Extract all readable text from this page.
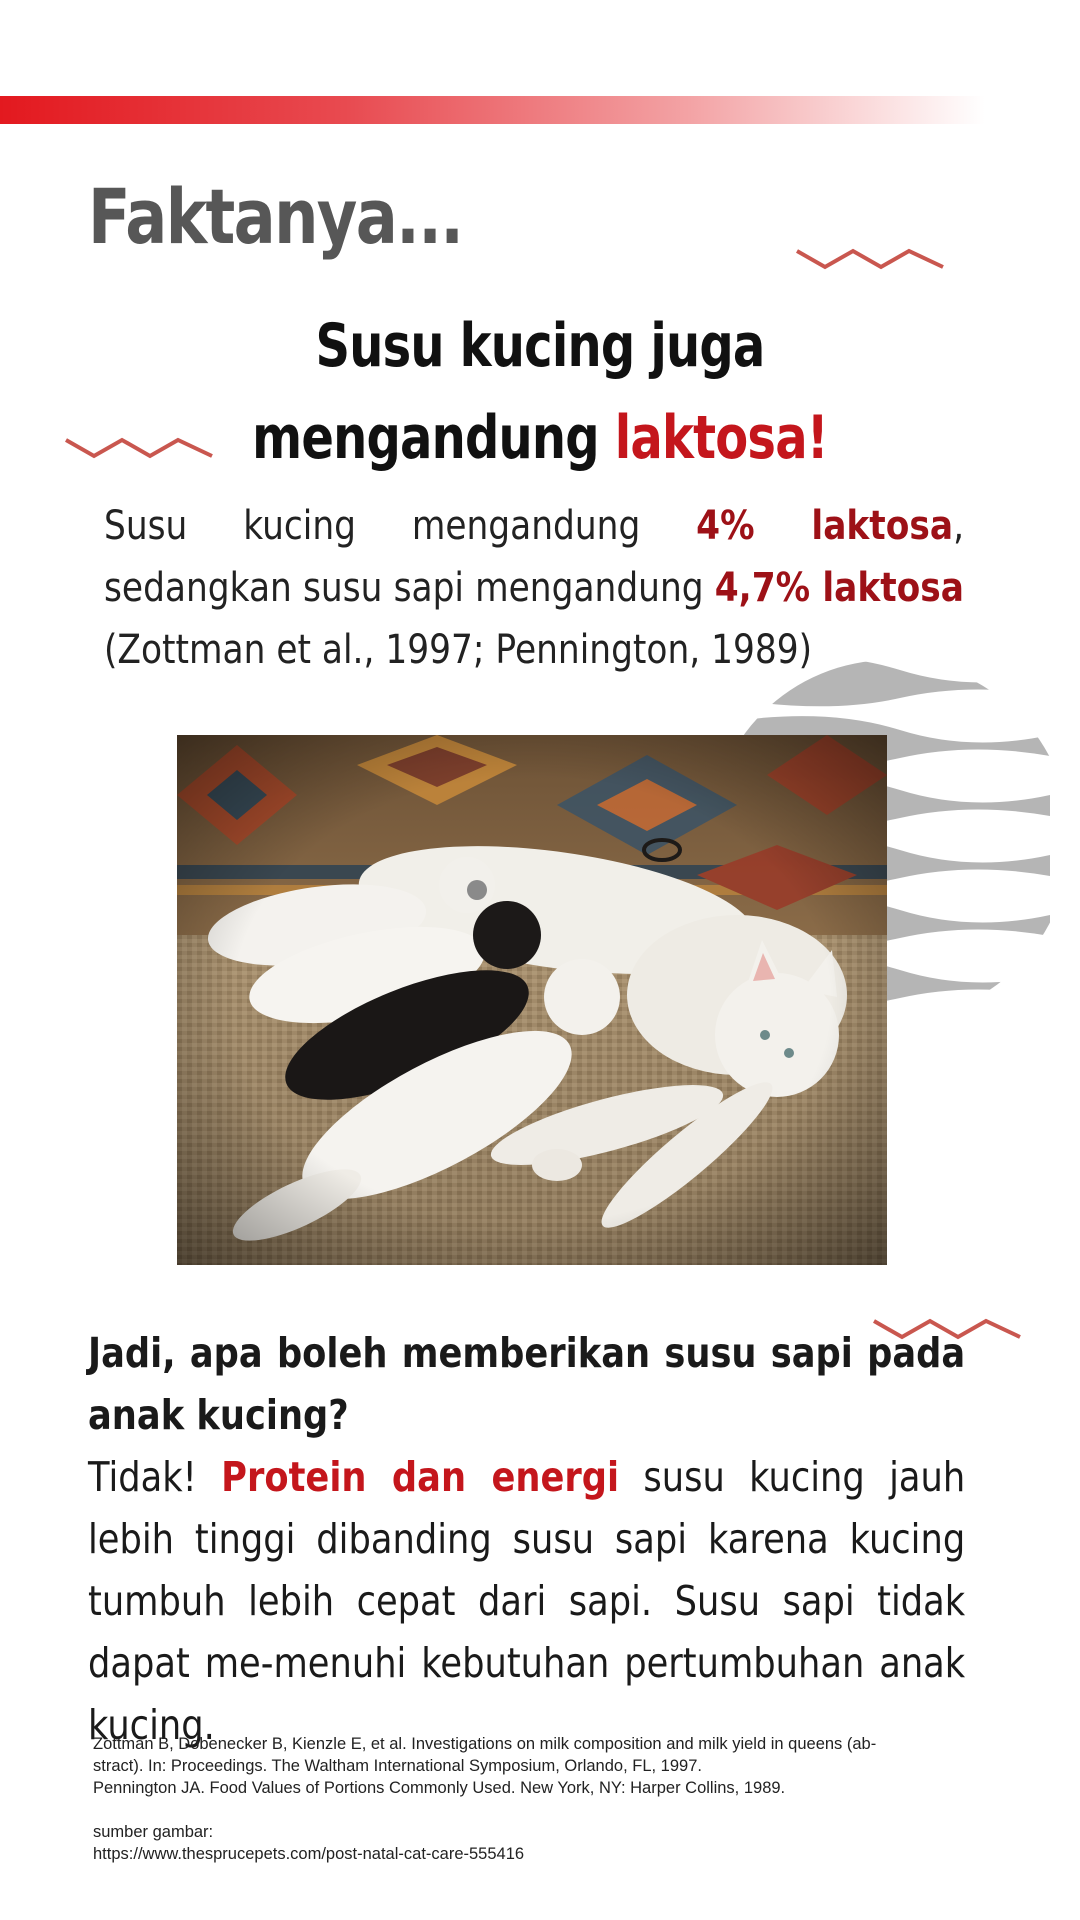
Faktanya...
Susu kucing juga
mengandung laktosa!
Susu kucing mengandung 4% laktosa, sedangkan susu sapi mengandung 4,7% laktosa (Zottman et al., 1997; Pennington, 1989)
Jadi, apa boleh memberikan susu sapi pada anak kucing?
Tidak! Protein dan energi susu kucing jauh lebih tinggi dibanding susu sapi karena kucing tumbuh lebih cepat dari sapi. Susu sapi tidak dapat me-menuhi kebutuhan pertumbuhan anak kucing.

Zottman B, Dobenecker B, Kienzle E, et al. Investigations on milk composition and milk yield in queens (ab-

stract). In: Proceedings. The Waltham International Symposium, Orlando, FL, 1997.

Pennington JA. Food Values of Portions Commonly Used. New York, NY: Harper Collins, 1989.

sumber gambar:

https://www.thesprucepets.com/post-natal-cat-care-555416
